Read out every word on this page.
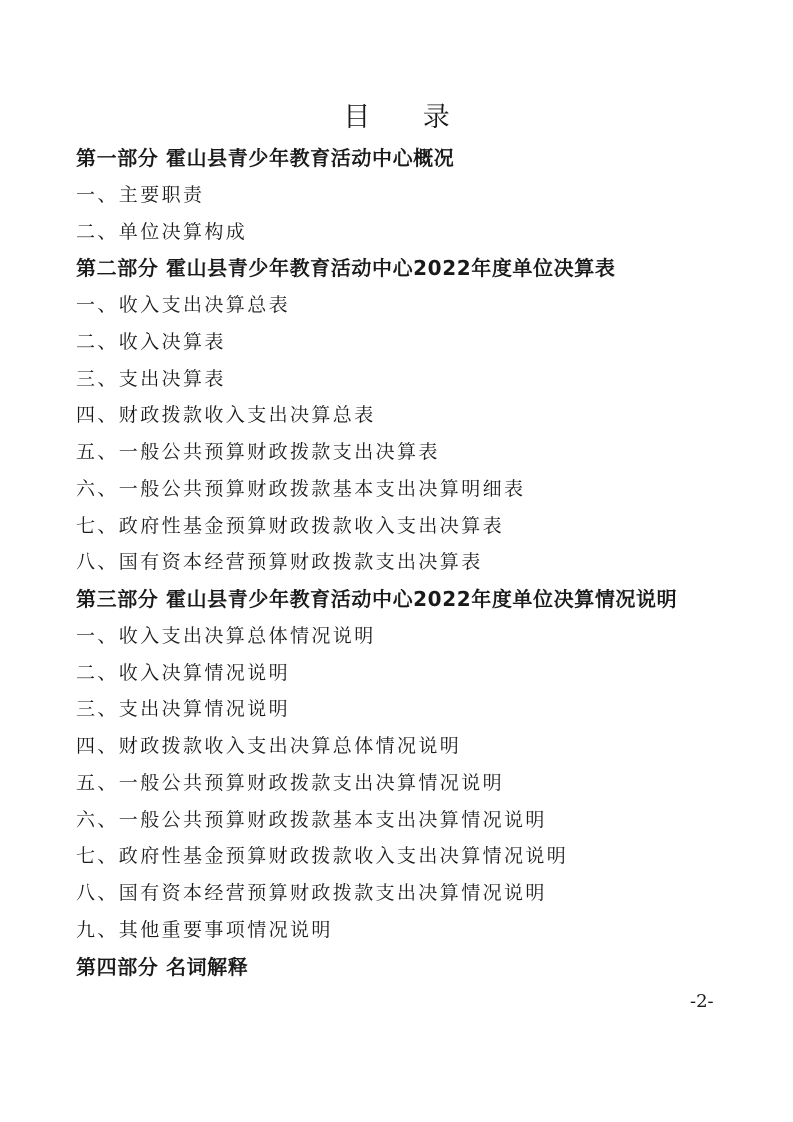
目 录
第一部分 霍山县青少年教育活动中心概况
一、主要职责
二、单位决算构成
第二部分 霍山县青少年教育活动中心2022年度单位决算表
一、收入支出决算总表
二、收入决算表
三、支出决算表
四、财政拨款收入支出决算总表
五、一般公共预算财政拨款支出决算表
六、一般公共预算财政拨款基本支出决算明细表
七、政府性基金预算财政拨款收入支出决算表
八、国有资本经营预算财政拨款支出决算表
第三部分 霍山县青少年教育活动中心2022年度单位决算情况说明
一、收入支出决算总体情况说明
二、收入决算情况说明
三、支出决算情况说明
四、财政拨款收入支出决算总体情况说明
五、一般公共预算财政拨款支出决算情况说明
六、一般公共预算财政拨款基本支出决算情况说明
七、政府性基金预算财政拨款收入支出决算情况说明
八、国有资本经营预算财政拨款支出决算情况说明
九、其他重要事项情况说明
第四部分 名词解释
-2-
